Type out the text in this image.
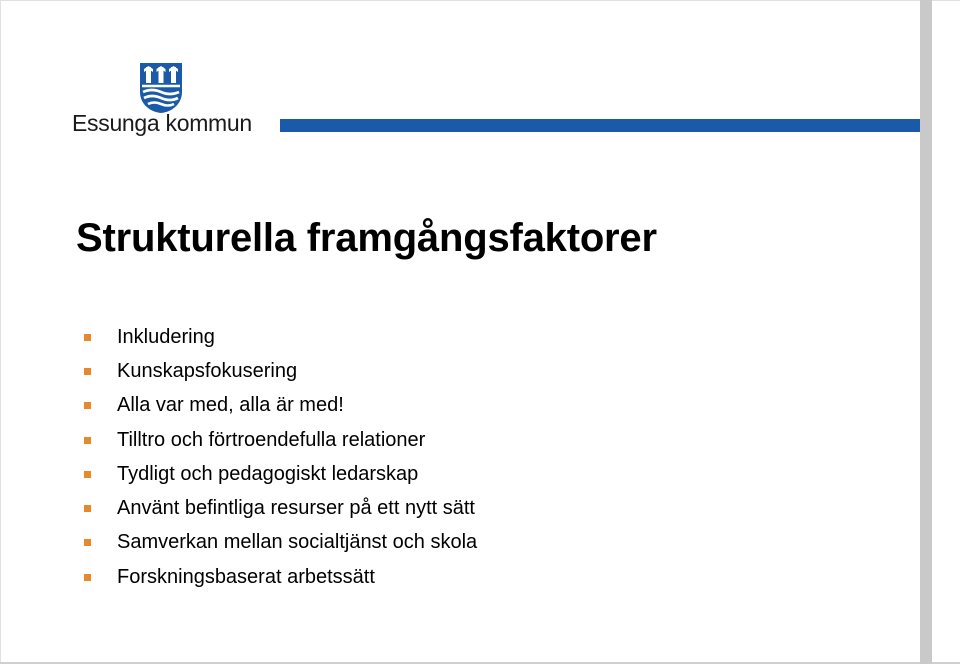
Essunga kommun
Strukturella framgångsfaktorer
Inkludering
Kunskapsfokusering
Alla var med, alla är med!
Tilltro och förtroendefulla relationer
Tydligt och pedagogiskt ledarskap
Använt befintliga resurser på ett nytt sätt
Samverkan mellan socialtjänst och skola
Forskningsbaserat arbetssätt
